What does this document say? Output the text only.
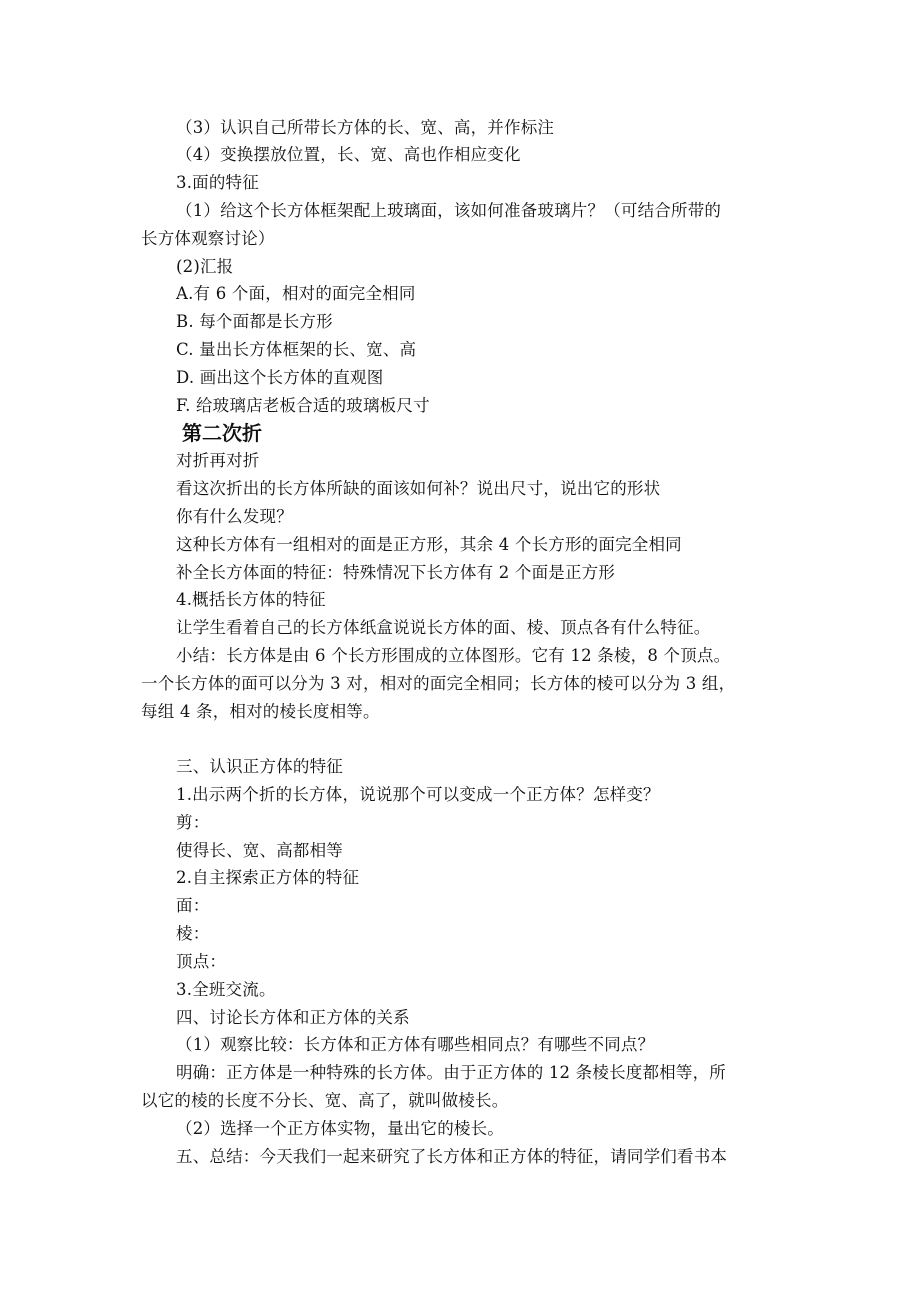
（3）认识自己所带长方体的长、宽、高，并作标注
（4）变换摆放位置，长、宽、高也作相应变化
3.面的特征
（1）给这个长方体框架配上玻璃面，该如何准备玻璃片？（可结合所带的
长方体观察讨论）
(2)汇报
A.有 6 个面，相对的面完全相同
B. 每个面都是长方形
C. 量出长方体框架的长、宽、高
D. 画出这个长方体的直观图
F. 给玻璃店老板合适的玻璃板尺寸
第二次折
对折再对折
看这次折出的长方体所缺的面该如何补？说出尺寸，说出它的形状
你有什么发现？
这种长方体有一组相对的面是正方形，其余 4 个长方形的面完全相同
补全长方体面的特征：特殊情况下长方体有 2 个面是正方形
4.概括长方体的特征
让学生看着自己的长方体纸盒说说长方体的面、棱、顶点各有什么特征。
小结：长方体是由 6 个长方形围成的立体图形。它有 12 条棱，8 个顶点。
一个长方体的面可以分为 3 对，相对的面完全相同；长方体的棱可以分为 3 组，
每组 4 条，相对的棱长度相等。
三、认识正方体的特征
1.出示两个折的长方体，说说那个可以变成一个正方体？怎样变？
剪：
使得长、宽、高都相等
2.自主探索正方体的特征
面：
棱：
顶点：
3.全班交流。
四、讨论长方体和正方体的关系
（1）观察比较：长方体和正方体有哪些相同点？有哪些不同点？
明确：正方体是一种特殊的长方体。由于正方体的 12 条棱长度都相等，所
以它的棱的长度不分长、宽、高了，就叫做棱长。
（2）选择一个正方体实物，量出它的棱长。
五、总结：今天我们一起来研究了长方体和正方体的特征，请同学们看书本
